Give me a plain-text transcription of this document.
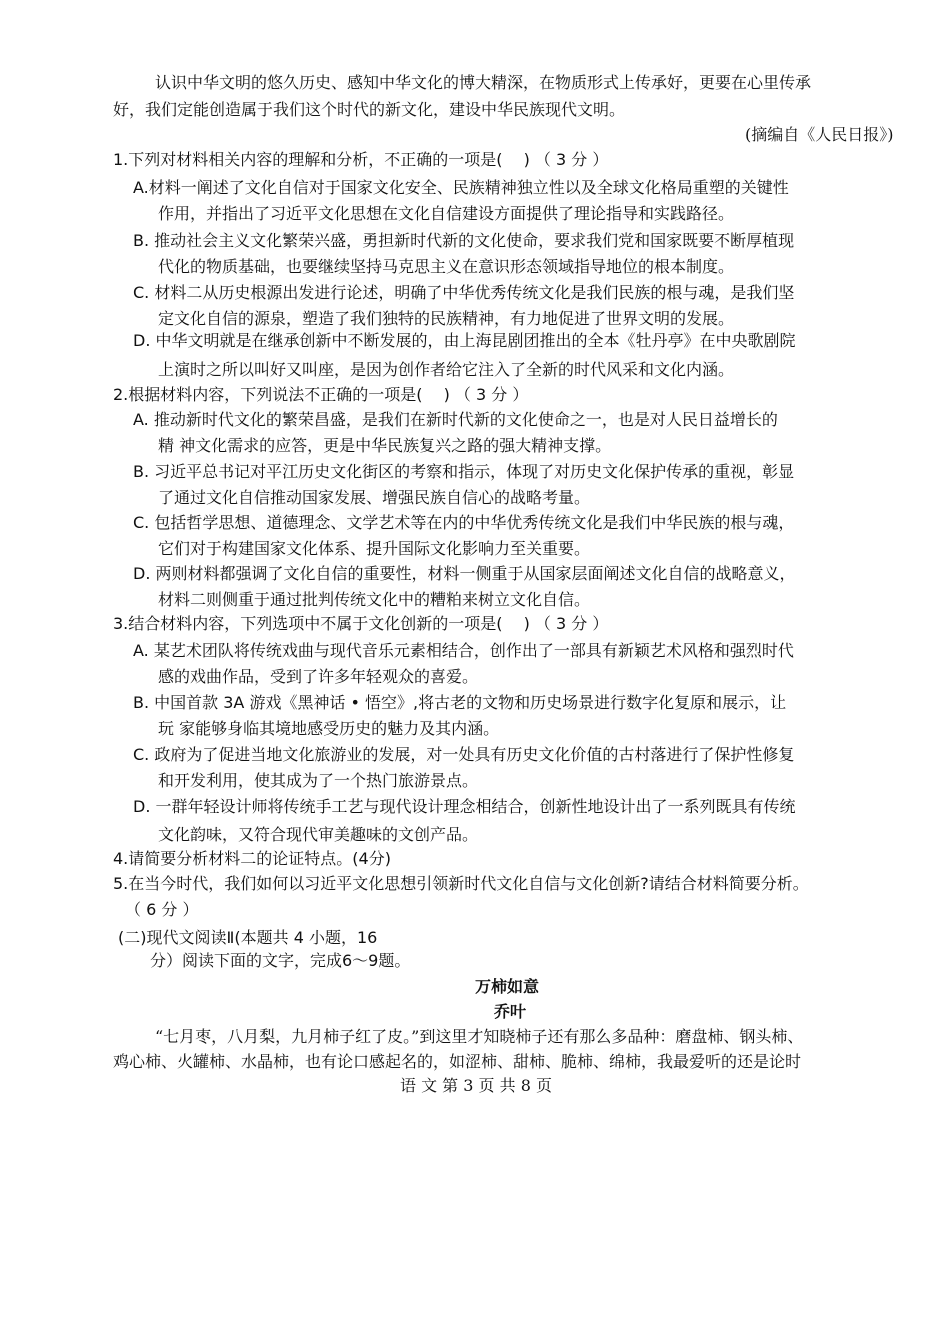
认识中华文明的悠久历史、感知中华文化的博大精深，在物质形式上传承好，更要在心里传承
好，我们定能创造属于我们这个时代的新文化，建设中华民族现代文明。
(摘编自《人民日报》)
1.下列对材料相关内容的理解和分析，不正确的一项是(　 ) （ 3 分 ）
A.材料一阐述了文化自信对于国家文化安全、民族精神独立性以及全球文化格局重塑的关键性
作用，并指出了习近平文化思想在文化自信建设方面提供了理论指导和实践路径。
B. 推动社会主义文化繁荣兴盛，勇担新时代新的文化使命，要求我们党和国家既要不断厚植现
代化的物质基础，也要继续坚持马克思主义在意识形态领域指导地位的根本制度。
C. 材料二从历史根源出发进行论述，明确了中华优秀传统文化是我们民族的根与魂，是我们坚
定文化自信的源泉，塑造了我们独特的民族精神，有力地促进了世界文明的发展。
D. 中华文明就是在继承创新中不断发展的，由上海昆剧团推出的全本《牡丹亭》在中央歌剧院
上演时之所以叫好又叫座，是因为创作者给它注入了全新的时代风采和文化内涵。
2.根据材料内容，下列说法不正确的一项是(　 ) （ 3 分 ）
A. 推动新时代文化的繁荣昌盛，是我们在新时代新的文化使命之一，也是对人民日益增长的
精 神文化需求的应答，更是中华民族复兴之路的强大精神支撑。
B. 习近平总书记对平江历史文化街区的考察和指示，体现了对历史文化保护传承的重视，彰显
了通过文化自信推动国家发展、增强民族自信心的战略考量。
C. 包括哲学思想、道德理念、文学艺术等在内的中华优秀传统文化是我们中华民族的根与魂，
它们对于构建国家文化体系、提升国际文化影响力至关重要。
D. 两则材料都强调了文化自信的重要性，材料一侧重于从国家层面阐述文化自信的战略意义，
材料二则侧重于通过批判传统文化中的糟粕来树立文化自信。
3.结合材料内容，下列选项中不属于文化创新的一项是(　 ) （ 3 分 ）
A. 某艺术团队将传统戏曲与现代音乐元素相结合，创作出了一部具有新颖艺术风格和强烈时代
感的戏曲作品，受到了许多年轻观众的喜爱。
B. 中国首款 3A 游戏《黑神话 • 悟空》,将古老的文物和历史场景进行数字化复原和展示，让
玩 家能够身临其境地感受历史的魅力及其内涵。
C. 政府为了促进当地文化旅游业的发展，对一处具有历史文化价值的古村落进行了保护性修复
和开发利用，使其成为了一个热门旅游景点。
D. 一群年轻设计师将传统手工艺与现代设计理念相结合，创新性地设计出了一系列既具有传统
文化韵味，又符合现代审美趣味的文创产品。
4.请简要分析材料二的论证特点。(4分)
5.在当今时代，我们如何以习近平文化思想引领新时代文化自信与文化创新?请结合材料简要分析。
（ 6 分 ）
(二)现代文阅读Ⅱ(本题共 4 小题，16
分）阅读下面的文字，完成6～9题。
万柿如意
乔叶
“七月枣，八月梨，九月柿子红了皮。”到这里才知晓柿子还有那么多品种：磨盘柿、钢头柿、
鸡心柿、火罐柿、水晶柿，也有论口感起名的，如涩柿、甜柿、脆柿、绵柿，我最爱听的还是论时
语 文 第 3 页 共 8 页
